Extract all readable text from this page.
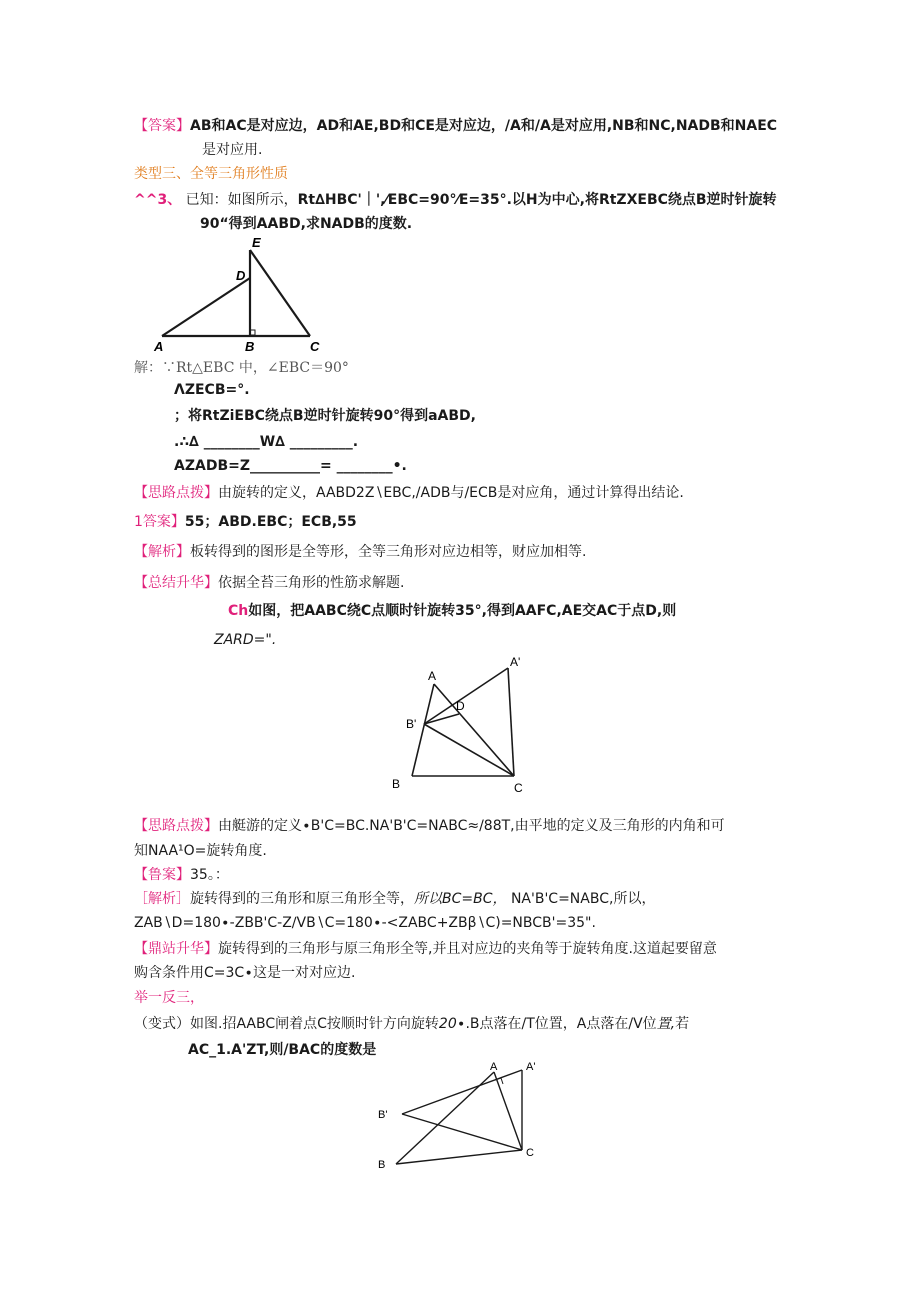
【答案】AB和AC是对应边，AD和AE,BD和CE是对应边，/A和/A是对应用,NB和NC,NADB和NAEC
是对应用.
类型三、全等三角形性质
^^3、 已知：如图所示，Rt∆HBC'｜',⁄EBC=90°⁄E=35°.以H为中心,将RtZXEBC绕点B逆时针旋转
90“得到AABD,求NADB的度数.
E
D
A	B	C
解：∵Rt△EBC 中，∠EBC＝90°
ΛZECB=°.
；将RtZiEBC绕点B逆时针旋转90°得到aABD,
.∴∆ ________W∆ _________.
AZADB=Z__________= ________•.
【思路点拨】由旋转的定义，AABD2Z∖EBC,/ADB与/ECB是对应角，通过计算得出结论.
1答案】55；ABD.EBC；ECB,55
【解析】板转得到的图形是全等形，全等三角形对应边相等，财应加相等.
【总结升华】依据全苔三角形的性筋求解题.
Ch如图，把AABC绕C点顺时针旋转35°,得到AAFC,AE交AC于点D,则
ZARD=".
A
A'
D
B'
B	C
【思路点拨】由艇游的定义∙B'C=BC.NA'B'C=NABC≈/88T,由平地的定义及三角形的内角和可
知NAA¹O=旋转角度.
【鲁案】35。：
［解析］旋转得到的三角形和原三角形全等，所以BC=BC， NA'B'C=NABC,所以，
ZAB∖D=180∙-ZBB'C-Z∕VB∖C=180∙-<ZABC+ZBβ∖C)=NBCB'=35".
【鼎站升华】旋转得到的三角形与原三角形全等,并且对应边的夹角等于旋转角度.这道起要留意
购含条件用C=3C∙这是一对对应边.
举一反三，
（变式）如图.招AABC闸着点C按顺时针方向旋转20∙.B点落在/T位置，A点落在/V位置,若
AC_1.A'ZT,则/BAC的度数是
A	A'
B'
B
C
